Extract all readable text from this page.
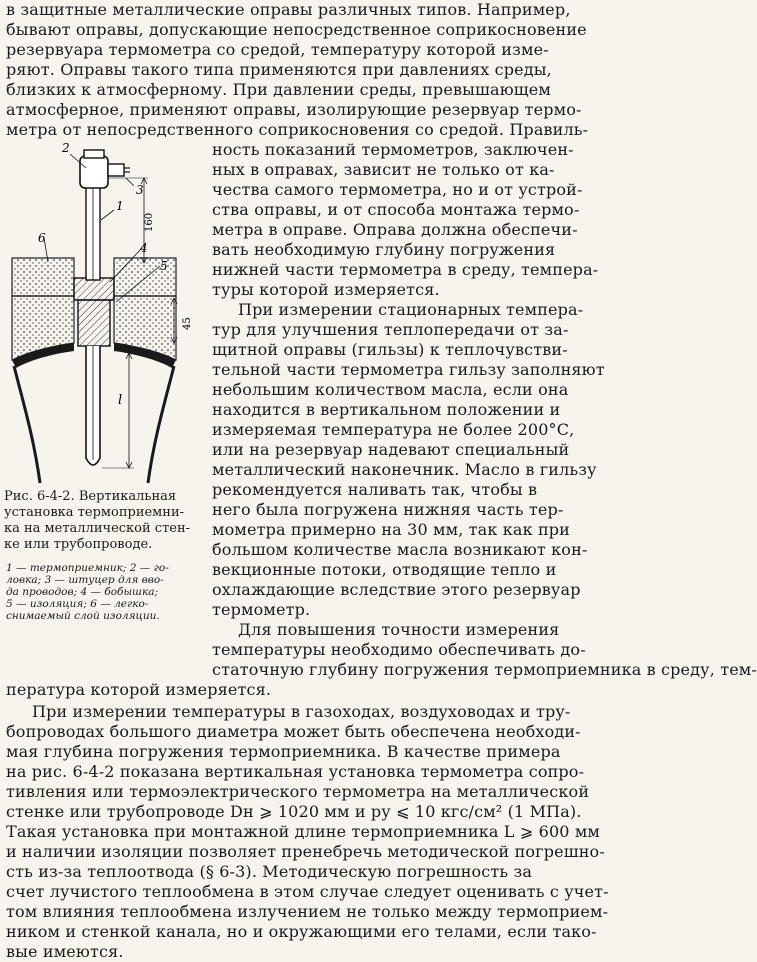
в защитные металлические оправы различных типов. Например,
бывают оправы, допускающие непосредственное соприкосновение
резервуара термометра со средой, температуру которой изме-
ряют. Оправы такого типа применяются при давлениях среды,
близких к атмосферному. При давлении среды, превышающем
атмосферное, применяют оправы, изолирующие резервуар термо-
метра от непосредственного соприкосновения со средой. Правиль-
ность показаний термометров, заключен-
ных в оправах, зависит не только от ка-
чества самого термометра, но и от устрой-
ства оправы, и от способа монтажа термо-
метра в оправе. Оправа должна обеспечи-
вать необходимую глубину погружения
нижней части термометра в среду, темпера-
туры которой измеряется.
При измерении стационарных темпера-
тур для улучшения теплопередачи от за-
щитной оправы (гильзы) к теплочувстви-
тельной части термометра гильзу заполняют
небольшим количеством масла, если она
находится в вертикальном положении и
измеряемая температура не более 200°С,
или на резервуар надевают специальный
металлический наконечник. Масло в гильзу
рекомендуется наливать так, чтобы в
него была погружена нижняя часть тер-
мометра примерно на 30 мм, так как при
большом количестве масла возникают кон-
векционные потоки, отводящие тепло и
охлаждающие вследствие этого резервуар
термометр.
Для повышения точности измерения
температуры необходимо обеспечивать до-
статочную глубину погружения термоприемника в среду, тем-
пература которой измеряется.
При измерении температуры в газоходах, воздуховодах и тру-
бопроводах большого диаметра может быть обеспечена необходи-
мая глубина погружения термоприемника. В качестве примера
на рис. 6-4-2 показана вертикальная установка термометра сопро-
тивления или термоэлектрического термометра на металлической
стенке или трубопроводе Dн ⩾ 1020 мм и pу ⩽ 10 кгс/см² (1 МПа).
Такая установка при монтажной длине термоприемника L ⩾ 600 мм
и наличии изоляции позволяет пренебречь методической погрешно-
сть из-за теплоотвода (§ 6-3). Методическую погрешность за
счет лучистого теплообмена в этом случае следует оценивать с учет-
том влияния теплообмена излучением не только между термоприем-
ником и стенкой канала, но и окружающими его телами, если тако-
вые имеются.
2
3
1
6
4
5
160
45
l
Рис. 6-4-2. Вертикальная
установка термоприемни-
ка на металлической стен-
ке или трубопроводе.
1 — термоприемник; 2 — го-
ловка; 3 — штуцер для вво-
да проводов; 4 — бобышка;
5 — изоляция; 6 — легко-
снимаемый слой изоляции.
